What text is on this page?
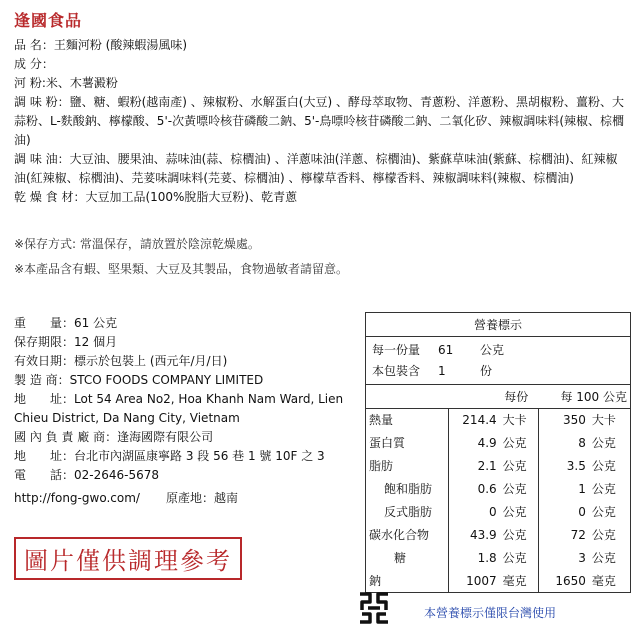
逢國食品
品 名：王麵河粉 (酸辣蝦湯風味)
成 分：
河 粉:米、木薯澱粉
調 味 粉：鹽、糖、蝦粉(越南產) 、辣椒粉、水解蛋白(大豆) 、酵母萃取物、青蔥粉、洋蔥粉、黑胡椒粉、薑粉、大蒜粉、L-麩酸鈉、檸檬酸、5'-次黃嘌呤核苷磷酸二鈉、5'-鳥嘌呤核苷磷酸二鈉、二氧化矽、辣椒調味料(辣椒、棕櫚油)
調 味 油：大豆油、腰果油、蒜味油(蒜、棕櫚油) 、洋蔥味油(洋蔥、棕櫚油)、紫蘇草味油(紫蘇、棕櫚油)、紅辣椒油(紅辣椒、棕櫚油)、芫荽味調味料(芫荽、棕櫚油) 、檸檬草香料、檸檬香料、辣椒調味料(辣椒、棕櫚油)
乾 燥 食 材：大豆加工品(100%脫脂大豆粉)、乾青蔥
※保存方式: 常溫保存，請放置於陰涼乾燥處。
※本產品含有蝦、堅果類、大豆及其製品，食物過敏者請留意。
重　　量：61 公克
保存期限：12 個月
有效日期：標示於包裝上 (西元年/月/日)
製 造 商：STCO FOODS COMPANY LIMITED
地　　址：Lot 54 Area No2, Hoa Khanh Nam Ward, Lien Chieu District, Da Nang City, Vietnam
國 內 負 責 廠 商：逢海國際有限公司
地　　址：台北市內湖區康寧路 3 段 56 巷 1 號 10F 之 3
電　　話：02-2646-5678
http://fong-gwo.com/ 原產地：越南
圖片僅供調理參考
營養標示
每一份量 61 公克
本包裝含 1	份
	每份		每 100 公克	
熱量	214.4	大卡	350	大卡
蛋白質	4.9	公克	8	公克
脂肪	2.1	公克	3.5	公克
飽和脂肪	0.6	公克	1	公克
反式脂肪	0	公克	0	公克
碳水化合物	43.9	公克	72	公克
糖	1.8	公克	3	公克
鈉	1007	毫克	1650	毫克
本營養標示僅限台灣使用
